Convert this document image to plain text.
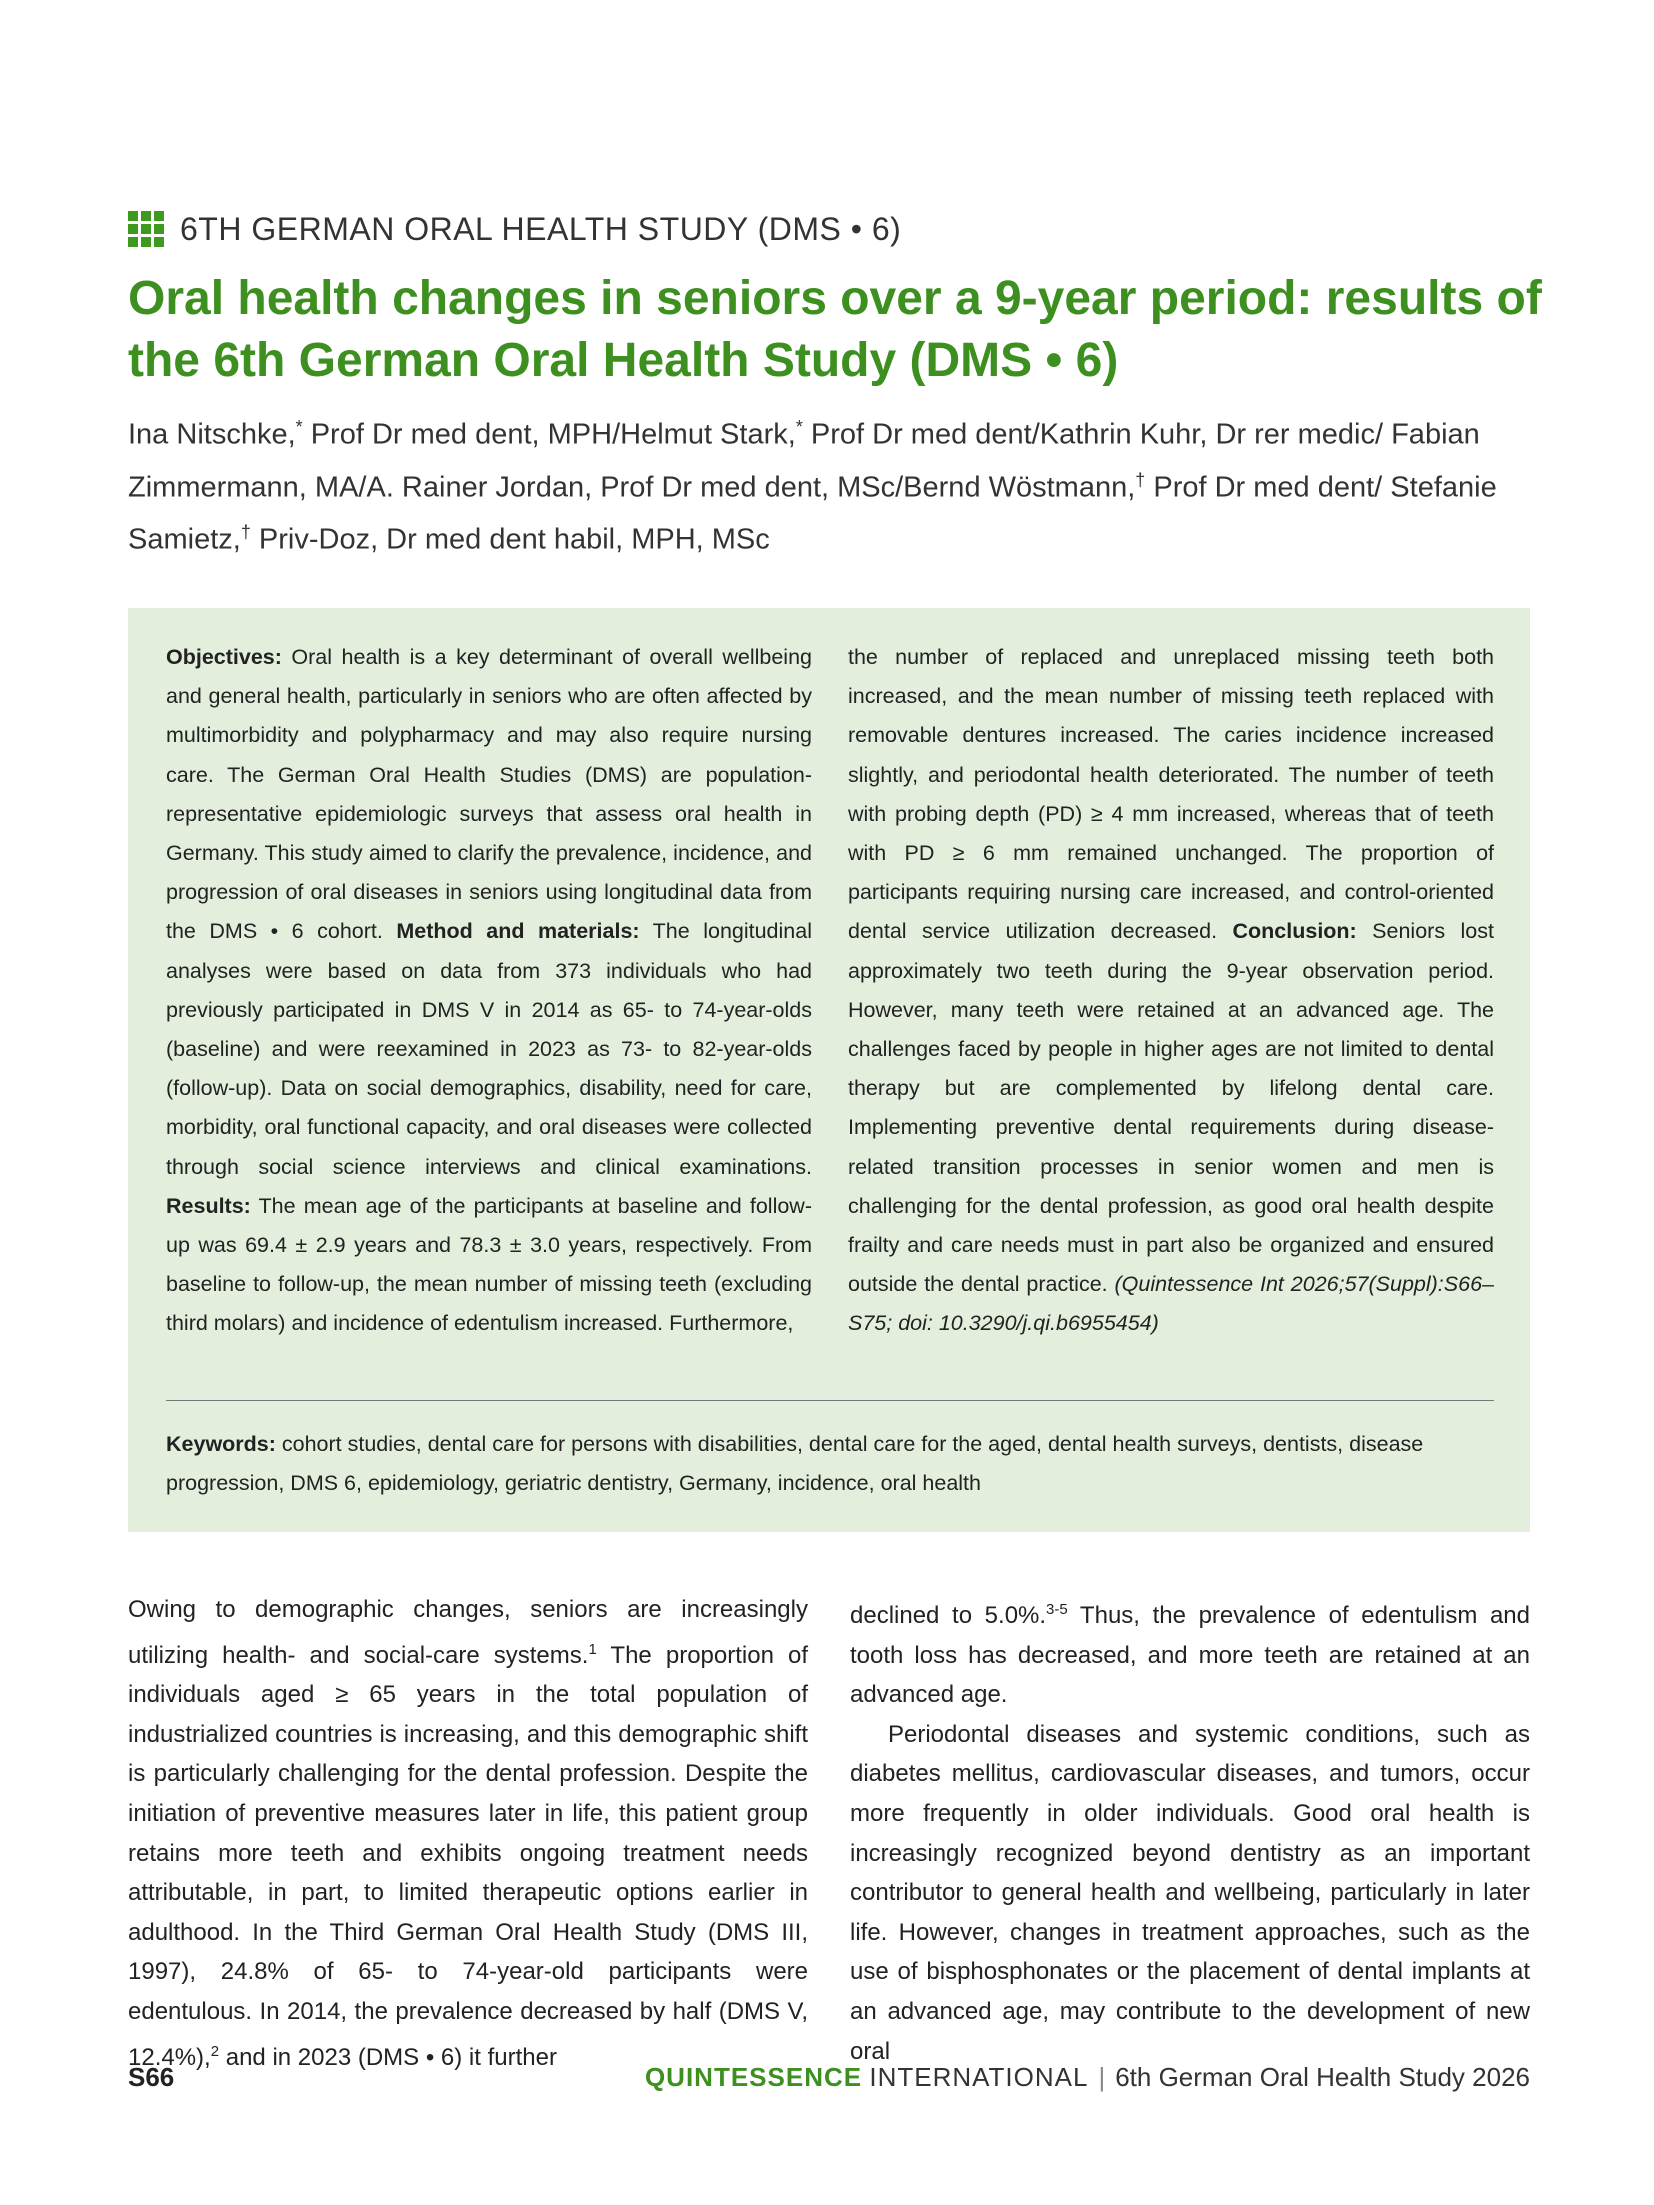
6TH GERMAN ORAL HEALTH STUDY (DMS • 6)
Oral health changes in seniors over a 9-year period: results of the 6th German Oral Health Study (DMS • 6)
Ina Nitschke,* Prof Dr med dent, MPH/Helmut Stark,* Prof Dr med dent/Kathrin Kuhr, Dr rer medic/ Fabian Zimmermann, MA/A. Rainer Jordan, Prof Dr med dent, MSc/Bernd Wöstmann,† Prof Dr med dent/ Stefanie Samietz,† Priv-Doz, Dr med dent habil, MPH, MSc

Objectives: Oral health is a key determinant of overall wellbeing and general health, particularly in seniors who are often affected by multimorbidity and polypharmacy and may also require nursing care. The German Oral Health Studies (DMS) are population-representative epidemiologic surveys that assess oral health in Germany. This study aimed to clarify the prevalence, incidence, and progression of oral diseases in seniors using longitudinal data from the DMS • 6 cohort. Method and materials: The longitudinal analyses were based on data from 373 individuals who had previously participated in DMS V in 2014 as 65- to 74-year-olds (baseline) and were reexamined in 2023 as 73- to 82-year-olds (follow-up). Data on social demographics, disability, need for care, morbidity, oral functional capacity, and oral diseases were collected through social science interviews and clinical examinations. Results: The mean age of the participants at baseline and follow-up was 69.4 ± 2.9 years and 78.3 ± 3.0 years, respectively. From baseline to follow-up, the mean number of missing teeth (excluding third molars) and incidence of edentulism increased. Furthermore,

the number of replaced and unreplaced missing teeth both increased, and the mean number of missing teeth replaced with removable dentures increased. The caries incidence increased slightly, and periodontal health deteriorated. The number of teeth with probing depth (PD) ≥ 4 mm increased, whereas that of teeth with PD ≥ 6 mm remained unchanged. The proportion of participants requiring nursing care increased, and control-oriented dental service utilization decreased. Conclusion: Seniors lost approximately two teeth during the 9-year observation period. However, many teeth were retained at an advanced age. The challenges faced by people in higher ages are not limited to dental therapy but are complemented by lifelong dental care. Implementing preventive dental requirements during disease-related transition processes in senior women and men is challenging for the dental profession, as good oral health despite frailty and care needs must in part also be organized and ensured outside the dental practice. (Quintessence Int 2026;57(Suppl):S66–S75; doi: 10.3290/j.qi.b6955454)

Keywords: cohort studies, dental care for persons with disabilities, dental care for the aged, dental health surveys, dentists, disease progression, DMS 6, epidemiology, geriatric dentistry, Germany, incidence, oral health

Owing to demographic changes, seniors are increasingly utilizing health- and social-care systems.$^1$ The proportion of individuals aged ≥ 65 years in the total population of industrialized countries is increasing, and this demographic shift is particularly challenging for the dental profession. Despite the initiation of preventive measures later in life, this patient group retains more teeth and exhibits ongoing treatment needs attributable, in part, to limited therapeutic options earlier in adulthood. In the Third German Oral Health Study (DMS III, 1997), 24.8% of 65- to 74-year-old participants were edentulous. In 2014, the prevalence decreased by half (DMS V, 12.4%),$^2$ and in 2023 (DMS • 6) it further

declined to 5.0%.$^{3-5}$ Thus, the prevalence of edentulism and tooth loss has decreased, and more teeth are retained at an advanced age.

Periodontal diseases and systemic conditions, such as diabetes mellitus, cardiovascular diseases, and tumors, occur more frequently in older individuals. Good oral health is increasingly recognized beyond dentistry as an important contributor to general health and wellbeing, particularly in later life. However, changes in treatment approaches, such as the use of bisphosphonates or the placement of dental implants at an advanced age, may contribute to the development of new oral

S66	QUINTESSENCE INTERNATIONAL | 6th German Oral Health Study 2026
